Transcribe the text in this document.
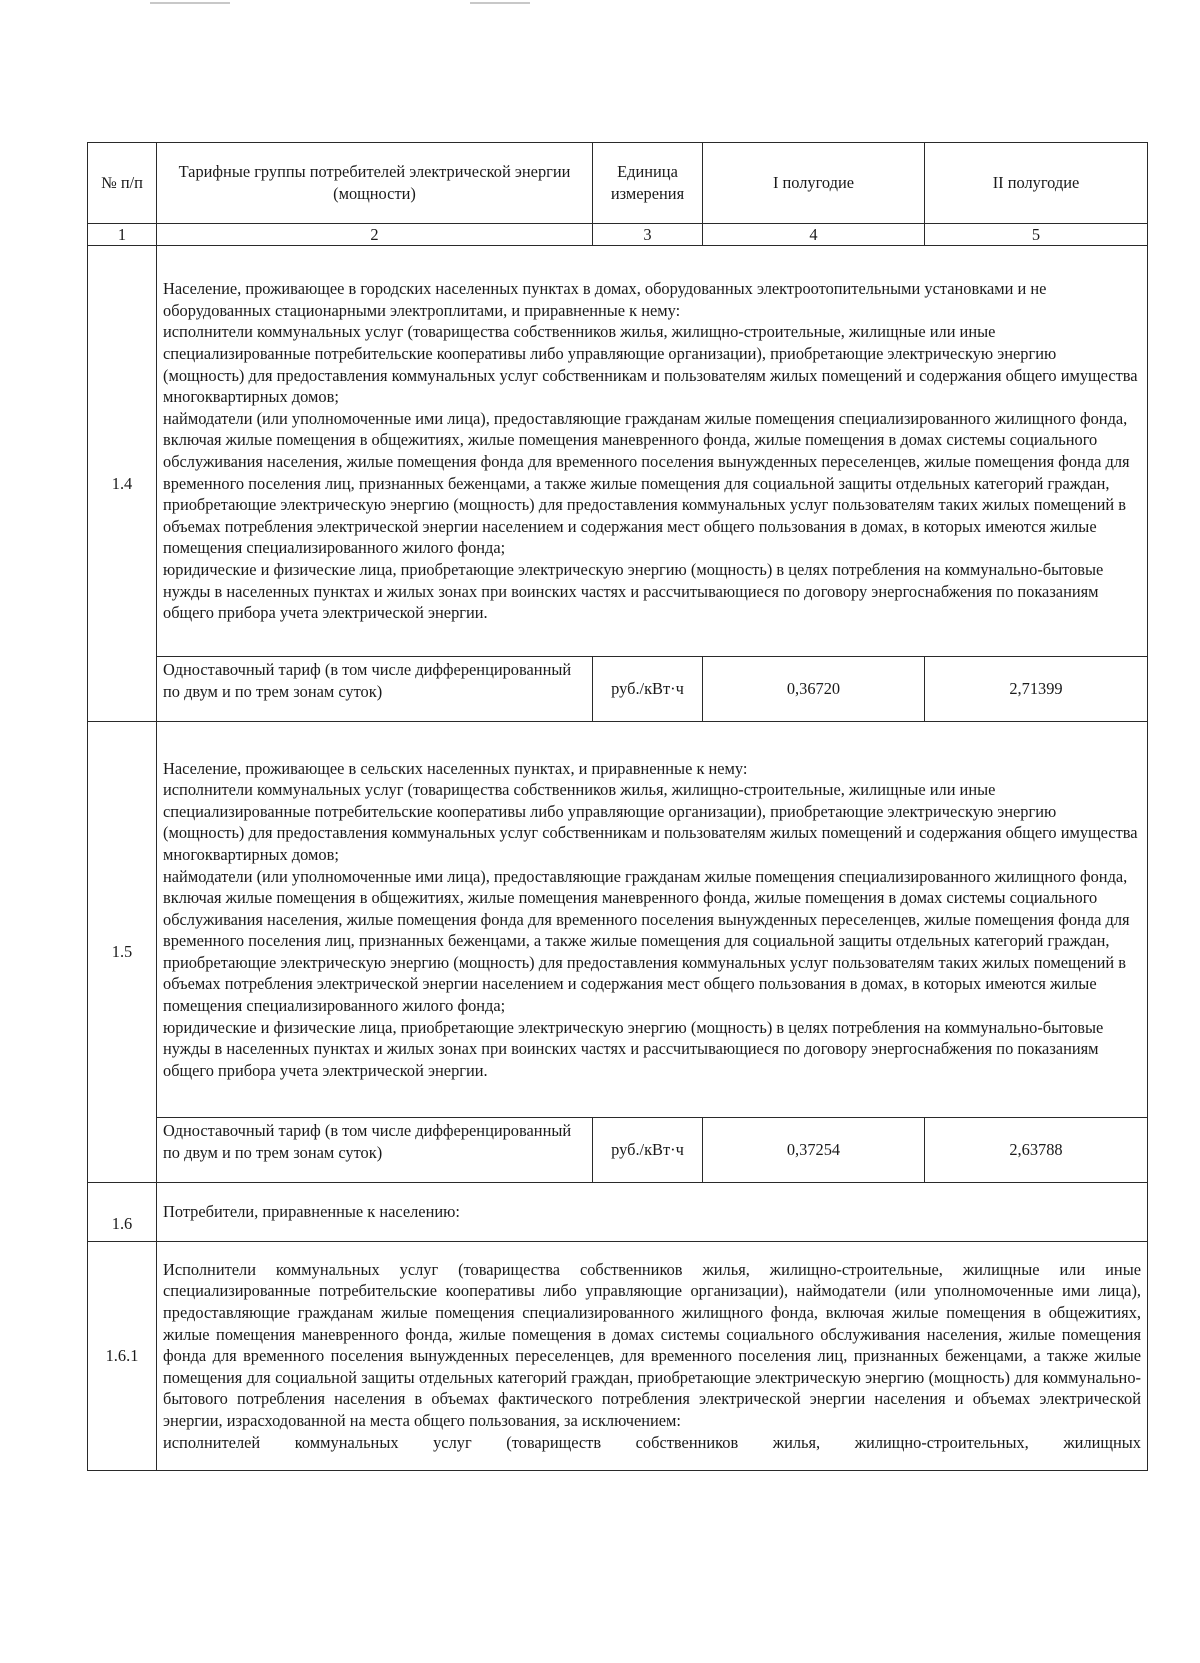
№ п/п	Тарифные группы потребителей электрической энергии (мощности)	Единица измерения	I полугодие	II полугодие
1	2	3	4	5
1.4	Население, проживающее в городских населенных пунктах в домах, оборудованных электроотопительными установками и не оборудованных стационарными электроплитами, и приравненные к нему:
исполнители коммунальных услуг (товарищества собственников жилья, жилищно-строительные, жилищные или иные специализированные потребительские кооперативы либо управляющие организации), приобретающие электрическую энергию (мощность) для предоставления коммунальных услуг собственникам и пользователям жилых помещений и содержания общего имущества многоквартирных домов;
наймодатели (или уполномоченные ими лица), предоставляющие гражданам жилые помещения специализированного жилищного фонда, включая жилые помещения в общежитиях, жилые помещения маневренного фонда, жилые помещения в домах системы социального обслуживания населения, жилые помещения фонда для временного поселения вынужденных переселенцев, жилые помещения фонда для временного поселения лиц, признанных беженцами, а также жилые помещения для социальной защиты отдельных категорий граждан, приобретающие электрическую энергию (мощность) для предоставления коммунальных услуг пользователям таких жилых помещений в объемах потребления электрической энергии населением и содержания мест общего пользования в домах, в которых имеются жилые помещения специализированного жилого фонда;
юридические и физические лица, приобретающие электрическую энергию (мощность) в целях потребления на коммунально-бытовые нужды в населенных пунктах и жилых зонах при воинских частях и рассчитывающиеся по договору энергоснабжения по показаниям общего прибора учета электрической энергии.			

	Одноставочный тариф (в том числе дифференцированный по двум и по трем зонам суток)	руб./кВт·ч	0,36720	2,71399
1.5	Население, проживающее в сельских населенных пунктах, и приравненные к нему:
исполнители коммунальных услуг (товарищества собственников жилья, жилищно-строительные, жилищные или иные специализированные потребительские кооперативы либо управляющие организации), приобретающие электрическую энергию (мощность) для предоставления коммунальных услуг собственникам и пользователям жилых помещений и содержания общего имущества многоквартирных домов;
наймодатели (или уполномоченные ими лица), предоставляющие гражданам жилые помещения специализированного жилищного фонда, включая жилые помещения в общежитиях, жилые помещения маневренного фонда, жилые помещения в домах системы социального обслуживания населения, жилые помещения фонда для временного поселения вынужденных переселенцев, жилые помещения фонда для временного поселения лиц, признанных беженцами, а также жилые помещения для социальной защиты отдельных категорий граждан, приобретающие электрическую энергию (мощность) для предоставления коммунальных услуг пользователям таких жилых помещений в объемах потребления электрической энергии населением и содержания мест общего пользования в домах, в которых имеются жилые помещения специализированного жилого фонда;
юридические и физические лица, приобретающие электрическую энергию (мощность) в целях потребления на коммунально-бытовые нужды в населенных пунктах и жилых зонах при воинских частях и рассчитывающиеся по договору энергоснабжения по показаниям общего прибора учета электрической энергии.			

	Одноставочный тариф (в том числе дифференцированный по двум и по трем зонам суток)	руб./кВт·ч	0,37254	2,63788
1.6	Потребители, приравненные к населению:			
1.6.1	Исполнители коммунальных услуг (товарищества собственников жилья, жилищно-строительные, жилищные или иные специализированные потребительские кооперативы либо управляющие организации), наймодатели (или уполномоченные ими лица), предоставляющие гражданам жилые помещения специализированного жилищного фонда, включая жилые помещения в общежитиях, жилые помещения маневренного фонда, жилые помещения в домах системы социального обслуживания населения, жилые помещения фонда для временного поселения вынужденных переселенцев, для временного поселения лиц, признанных беженцами, а также жилые помещения для социальной защиты отдельных категорий граждан, приобретающие электрическую энергию (мощность) для коммунально-бытового потребления населения в объемах фактического потребления электрической энергии населения и объемах электрической энергии, израсходованной на места общего пользования, за исключением:
исполнителей коммунальных услуг (товариществ собственников жилья, жилищно-строительных, жилищных			
